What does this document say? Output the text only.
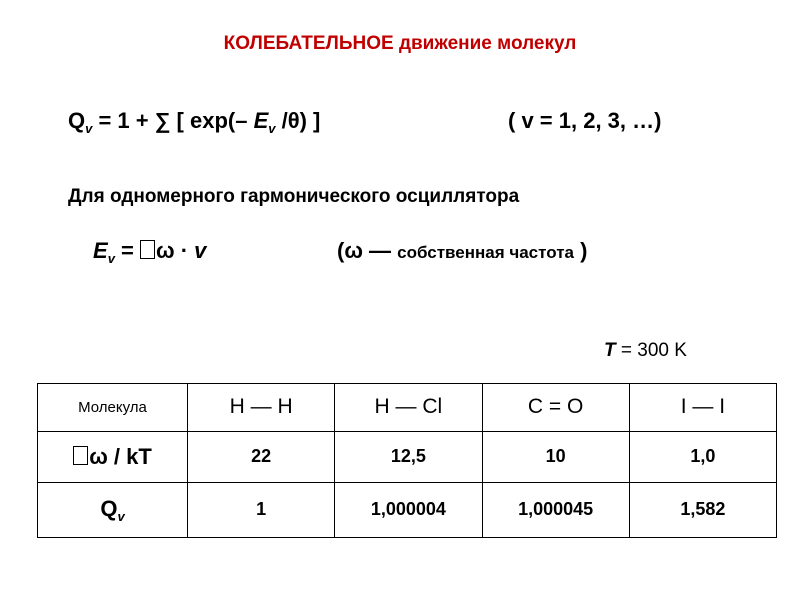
КОЛЕБАТЕЛЬНОЕ движение молекул
$Q_v = 1$ + ∑ [ exp(– $E_v$ /θ) ]	( v = 1, 2, 3, …)
Для одномерного гармонического осциллятора
$E_v = \omega \cdot v$	(ω — собственная частота )
T = 300 K
Молекула	H — H	H — Cl	C = O	I — I
ω / kT	22	12,5	10	1,0
$Q_v$	1	1,000004	1,000045	1,582
